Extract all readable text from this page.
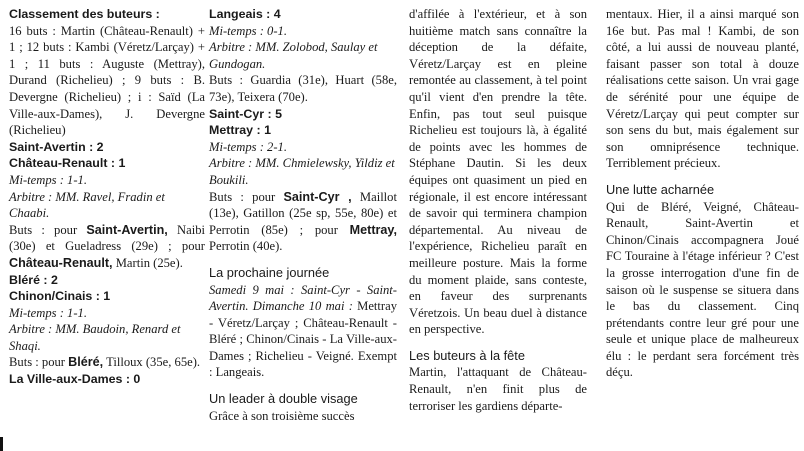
Classement des buteurs :

16 buts : Martin (Château-Renault) + 1 ; 12 buts : Kambi (Véretz/Larçay) + 1 ; 11 buts : Auguste (Mettray), Durand (Richelieu) ; 9 buts : B. Devergne (Richelieu) ; i : Saïd (La Ville-aux-Dames), J. Devergne (Richelieu)

Saint-Avertin : 2

Château-Renault : 1

Mi-temps : 1-1.

Arbitre : MM. Ravel, Fradin et Chaabi.

Buts : pour Saint-Avertin, Naibi (30e) et Gueladress (29e) ; pour Château-Renault, Martin (25e).

Bléré : 2

Chinon/Cinais : 1

Mi-temps : 1-1.

Arbitre : MM. Baudoin, Renard et Shaqi.

Buts : pour Bléré, Tilloux (35e, 65e).

La Ville-aux-Dames : 0

Langeais : 4

Mi-temps : 0-1.

Arbitre : MM. Zolobod, Saulay et Gundogan.

Buts : Guardia (31e), Huart (58e, 73e), Teixera (70e).

Saint-Cyr : 5

Mettray : 1

Mi-temps : 2-1.

Arbitre : MM. Chmielewsky, Yildiz et Boukili.

Buts : pour Saint-Cyr , Maillot (13e), Gatillon (25e sp, 55e, 80e) et Perrotin (85e) ; pour Mettray, Perrotin (40e).

La prochaine journée

Samedi 9 mai : Saint-Cyr - Saint-Avertin. Dimanche 10 mai : Mettray - Véretz/Larçay ; Château-Renault - Bléré ; Chinon/Cinais - La Ville-aux-Dames ; Richelieu - Veigné. Exempt : Langeais.

Un leader à double visage

Grâce à son troisième succès

d'affilée à l'extérieur, et à son huitième match sans connaître la déception de la défaite, Véretz/Larçay est en pleine remontée au classement, à tel point qu'il vient d'en prendre la tête. Enfin, pas tout seul puisque Richelieu est toujours là, à égalité de points avec les hommes de Stéphane Dautin. Si les deux équipes ont quasiment un pied en régionale, il est encore intéressant de savoir qui terminera champion départemental. Au niveau de l'expérience, Richelieu paraît en meilleure posture. Mais la forme du moment plaide, sans conteste, en faveur des surprenants Véretzois. Un beau duel à distance en perspective.

Les buteurs à la fête

Martin, l'attaquant de Château-Renault, n'en finit plus de terroriser les gardiens départe-

mentaux. Hier, il a ainsi marqué son 16e but. Pas mal ! Kambi, de son côté, a lui aussi de nouveau planté, faisant passer son total à douze réalisations cette saison. Un vrai gage de sérénité pour une équipe de Véretz/Larçay qui peut compter sur son sens du but, mais également sur son omniprésence technique. Terriblement précieux.

Une lutte acharnée

Qui de Bléré, Veigné, Château-Renault, Saint-Avertin et Chinon/Cinais accompagnera Joué FC Touraine à l'étage inférieur ? C'est la grosse interrogation d'une fin de saison où le suspense se situera dans le bas du classement. Cinq prétendants contre leur gré pour une seule et unique place de malheureux élu : le perdant sera forcément très déçu.
